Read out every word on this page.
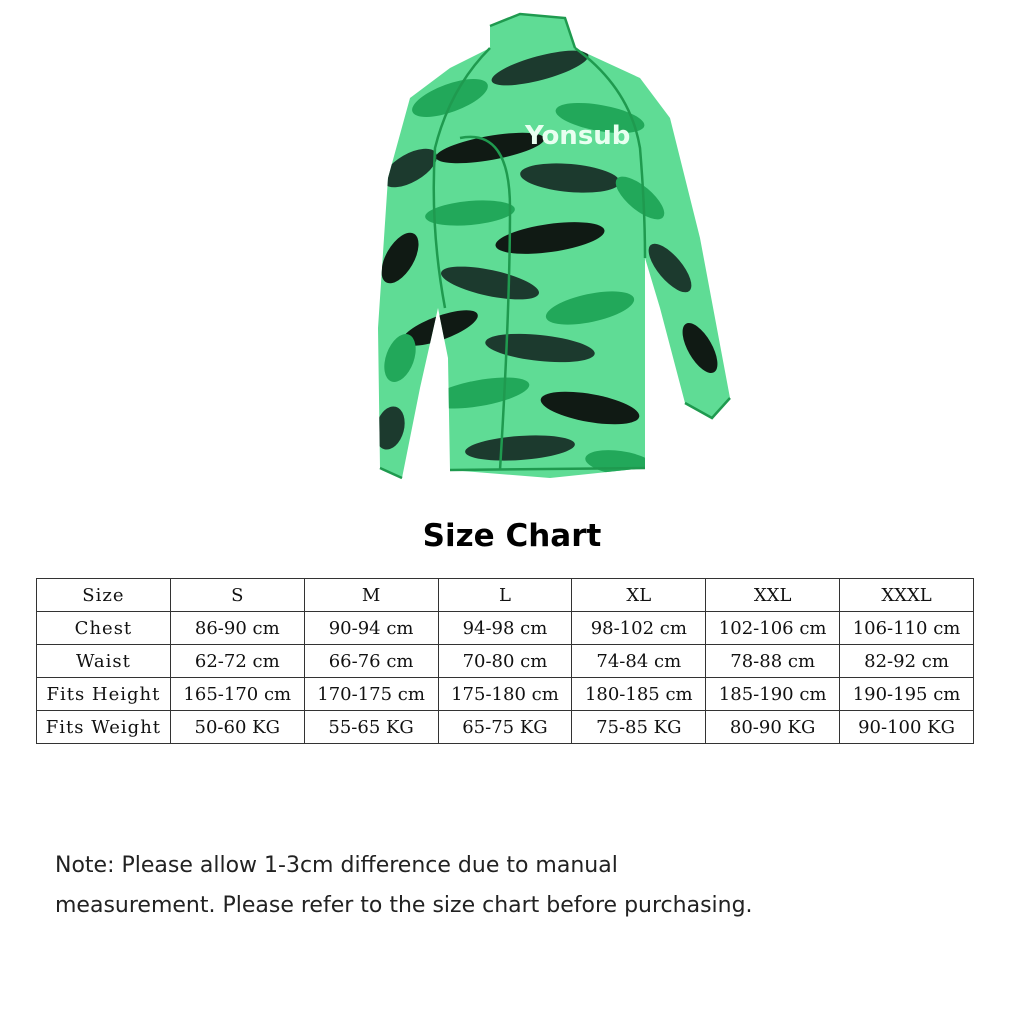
Yonsub
Size Chart
Size	S	M	L	XL	XXL	XXXL
Chest	86-90 cm	90-94 cm	94-98 cm	98-102 cm	102-106 cm	106-110 cm
Waist	62-72 cm	66-76 cm	70-80 cm	74-84 cm	78-88 cm	82-92 cm
Fits Height	165-170 cm	170-175 cm	175-180 cm	180-185 cm	185-190 cm	190-195 cm
Fits Weight	50-60 KG	55-65 KG	65-75 KG	75-85 KG	80-90 KG	90-100 KG
Note: Please allow 1-3cm difference due to manual
measurement. Please refer to the size chart before purchasing.
